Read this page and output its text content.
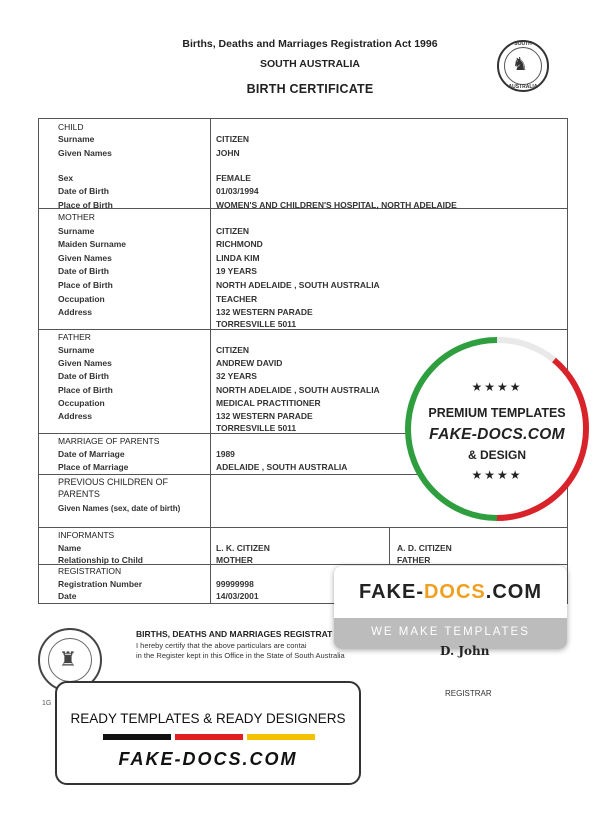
Births, Deaths and Marriages Registration Act 1996
SOUTH AUSTRALIA
BIRTH CERTIFICATE
SOUTH
♞
AUSTRALIA
CHILD
Surname	CITIZEN
Given Names	JOHN
Sex	FEMALE
Date of Birth	01/03/1994
Place of Birth	WOMEN'S AND CHILDREN'S HOSPITAL, NORTH ADELAIDE
MOTHER
Surname	CITIZEN
Maiden Surname	RICHMOND
Given Names	LINDA KIM
Date of Birth	19 YEARS
Place of Birth	NORTH ADELAIDE , SOUTH AUSTRALIA
Occupation	TEACHER
Address	132 WESTERN PARADE
TORRESVILLE 5011
FATHER
Surname	CITIZEN
Given Names	ANDREW DAVID
Date of Birth	32 YEARS
Place of Birth	NORTH ADELAIDE , SOUTH AUSTRALIA
Occupation	MEDICAL PRACTITIONER
Address	132 WESTERN PARADE
TORRESVILLE 5011
MARRIAGE OF PARENTS
Date of Marriage	1989
Place of Marriage	ADELAIDE , SOUTH AUSTRALIA
PREVIOUS CHILDREN OF
PARENTS
Given Names (sex, date of birth)
INFORMANTS
Name	L. K. CITIZEN	A. D. CITIZEN
Relationship to Child	MOTHER	FATHER
REGISTRATION
Registration Number	99999998
Date	14/03/2001
★★★★
PREMIUM TEMPLATES
FAKE-DOCS.COM
& DESIGN
★★★★
FAKE-DOCS.COM
WE MAKE TEMPLATES
♜
BIRTHS, DEATHS AND MARRIAGES REGISTRAT
I hereby certify that the above particulars are contai
in the Register kept in this Office in the State of South Australia	D. John
REGISTRAR
1G
READY TEMPLATES & READY DESIGNERS
FAKE-DOCS.COM
